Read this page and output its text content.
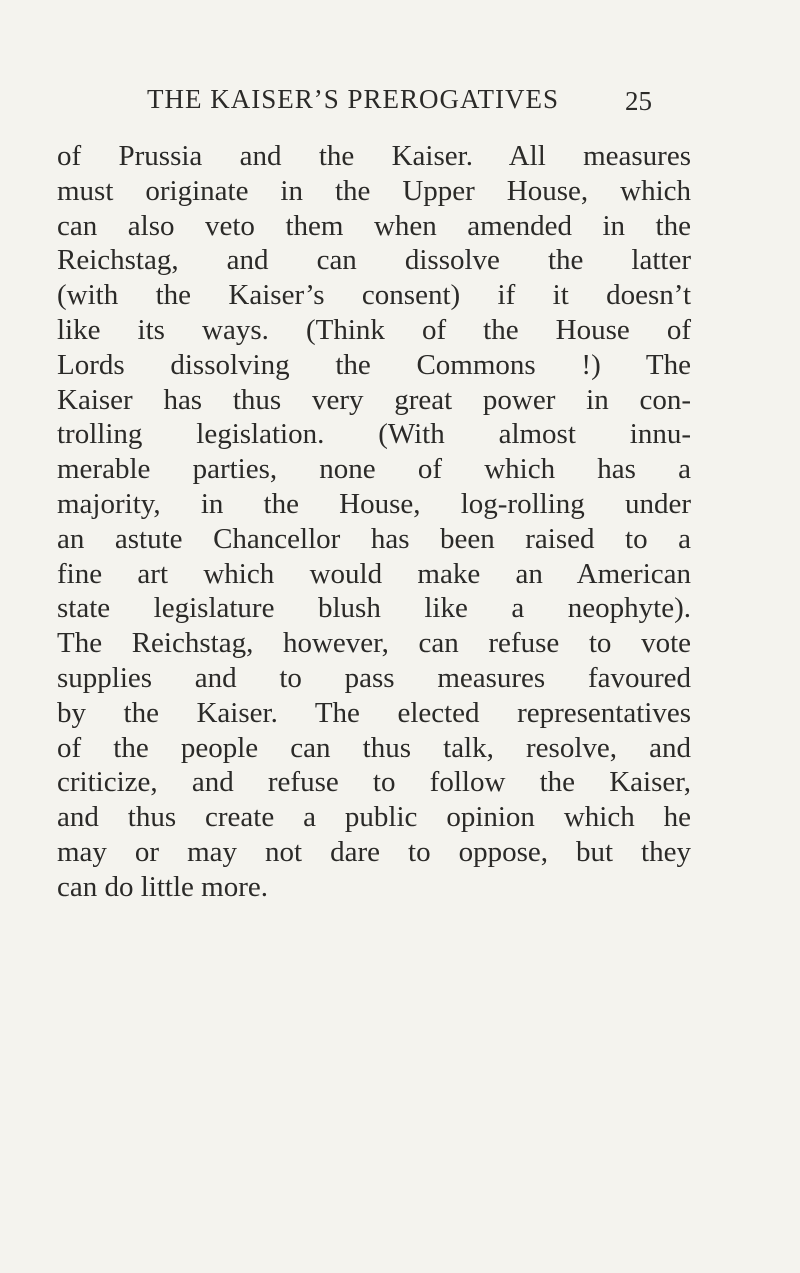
THE KAISER’S PREROGATIVES	25
of Prussia and the Kaiser. All measures
must originate in the Upper House, which
can also veto them when amended in the
Reichstag, and can dissolve the latter
(with the Kaiser’s consent) if it doesn’t
like its ways. (Think of the House of
Lords dissolving the Commons !) The
Kaiser has thus very great power in con-
trolling legislation. (With almost innu-
merable parties, none of which has a
majority, in the House, log-rolling under
an astute Chancellor has been raised to a
fine art which would make an American
state legislature blush like a neophyte).
The Reichstag, however, can refuse to vote
supplies and to pass measures favoured
by the Kaiser. The elected representatives
of the people can thus talk, resolve, and
criticize, and refuse to follow the Kaiser,
and thus create a public opinion which he
may or may not dare to oppose, but they
can do little more.
